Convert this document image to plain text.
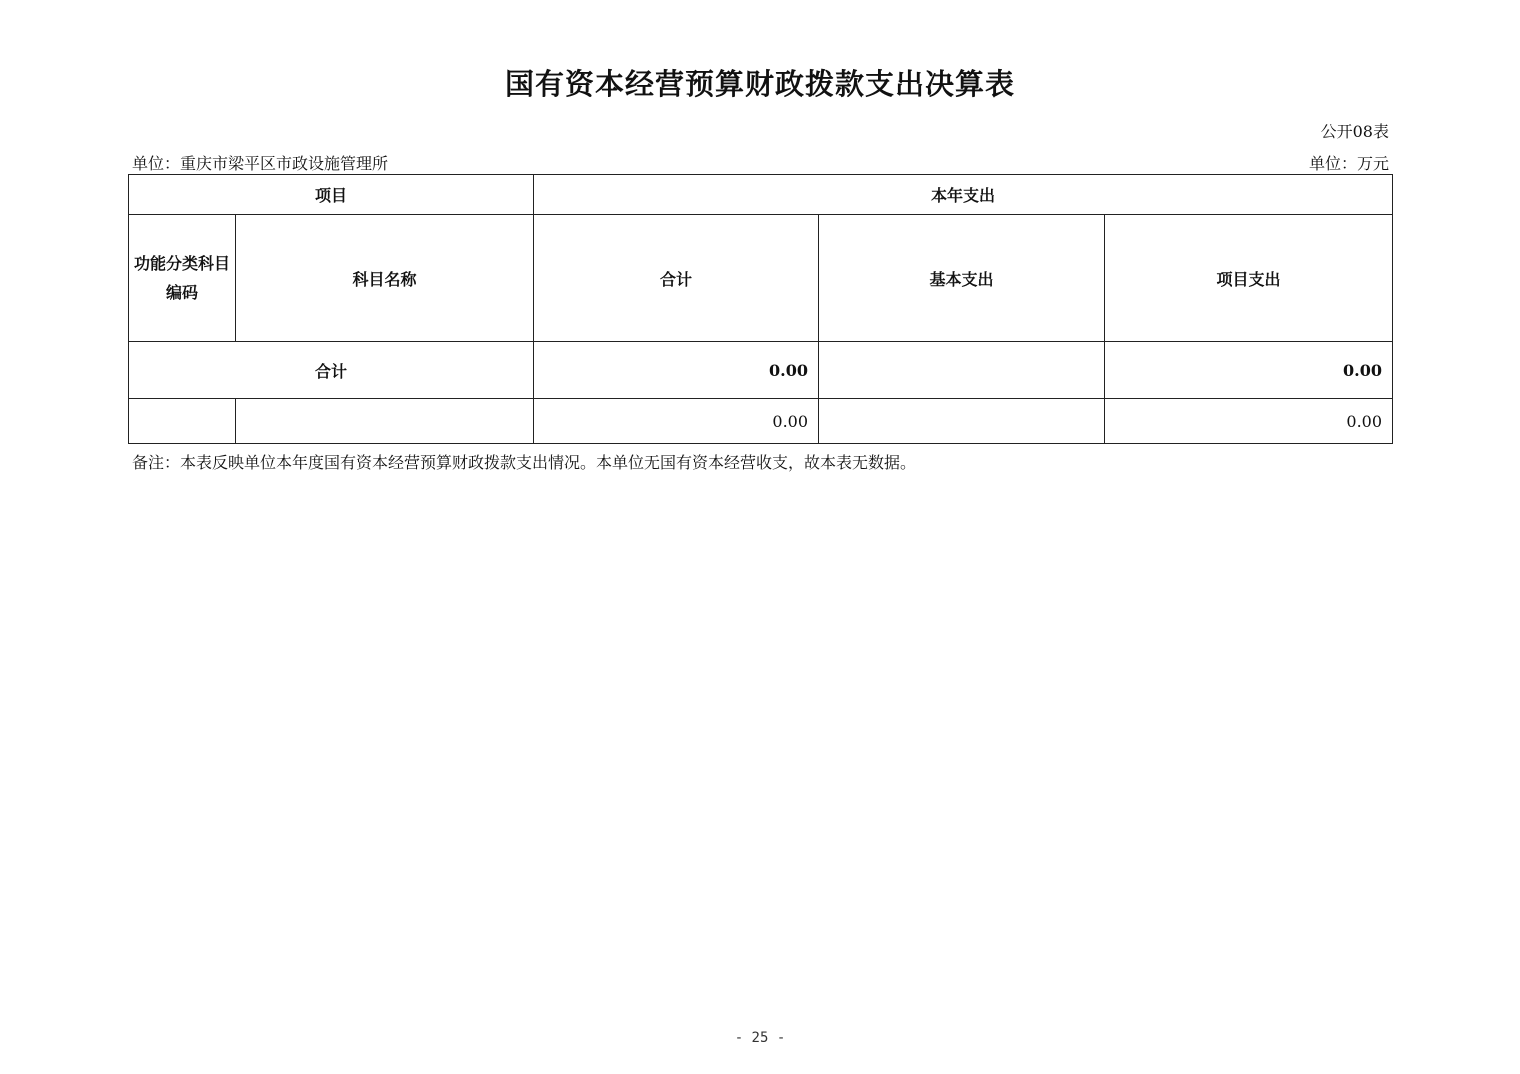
国有资本经营预算财政拨款支出决算表
公开08表
单位：重庆市梁平区市政设施管理所	单位：万元
项目		本年支出		
功能分类科目编码	科目名称	合计	基本支出	项目支出
合计		0.00		0.00
		0.00		0.00
备注：本表反映单位本年度国有资本经营预算财政拨款支出情况。本单位无国有资本经营收支，故本表无数据。
- 25 -
